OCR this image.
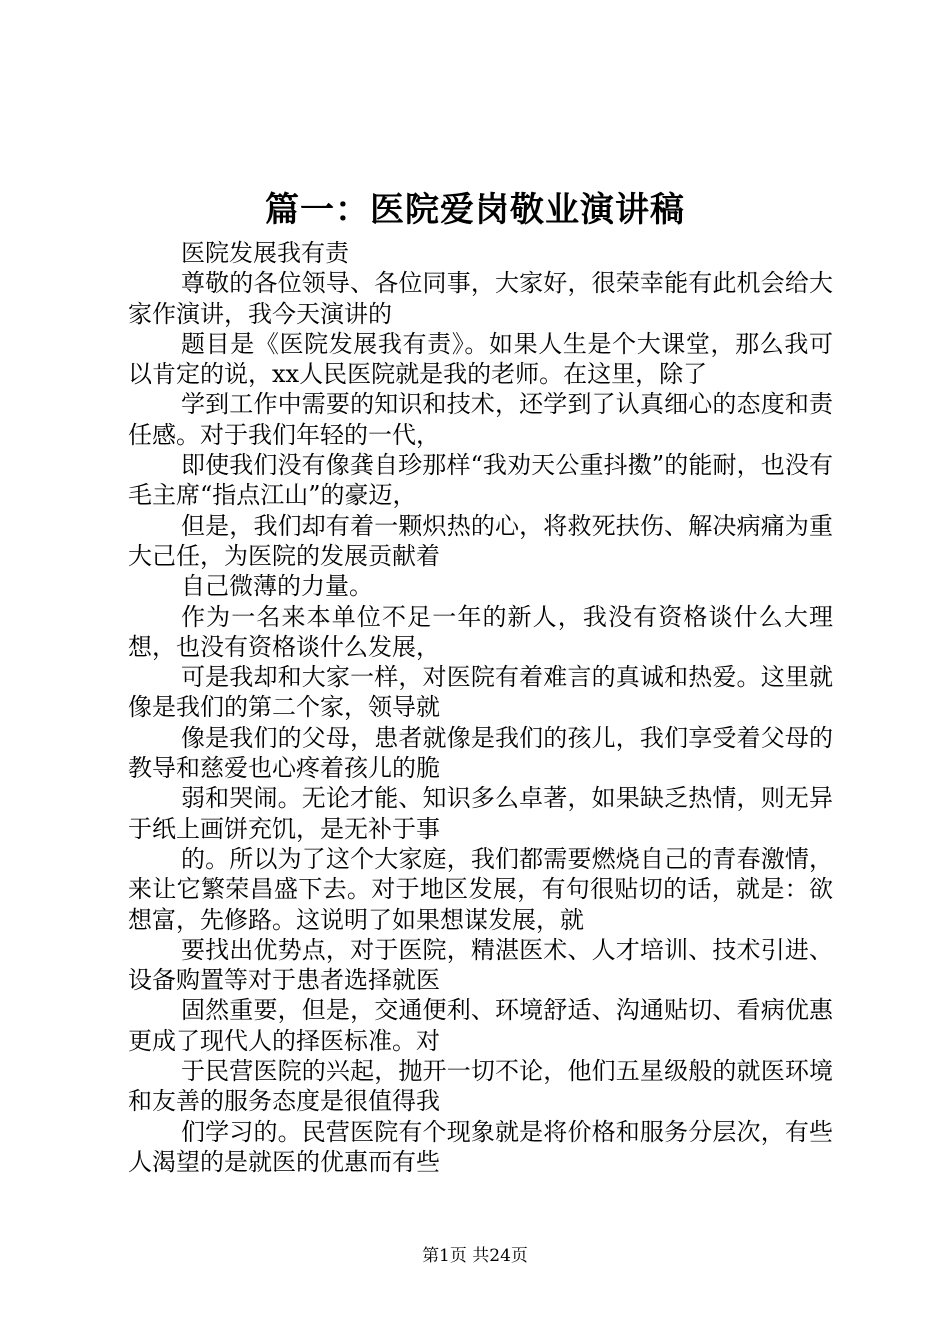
篇一：医院爱岗敬业演讲稿

医院发展我有责

尊敬的各位领导、各位同事，大家好，很荣幸能有此机会给大家作演讲，我今天演讲的

题目是《医院发展我有责》。如果人生是个大课堂，那么我可以肯定的说，xx人民医院就是我的老师。在这里，除了

学到工作中需要的知识和技术，还学到了认真细心的态度和责任感。对于我们年轻的一代，

即使我们没有像龚自珍那样“我劝天公重抖擞”的能耐，也没有毛主席“指点江山”的豪迈，

但是，我们却有着一颗炽热的心，将救死扶伤、解决病痛为重大己任，为医院的发展贡献着

自己微薄的力量。

作为一名来本单位不足一年的新人，我没有资格谈什么大理想，也没有资格谈什么发展，

可是我却和大家一样，对医院有着难言的真诚和热爱。这里就像是我们的第二个家，领导就

像是我们的父母，患者就像是我们的孩儿，我们享受着父母的教导和慈爱也心疼着孩儿的脆

弱和哭闹。无论才能、知识多么卓著，如果缺乏热情，则无异于纸上画饼充饥，是无补于事

的。所以为了这个大家庭，我们都需要燃烧自己的青春激情，来让它繁荣昌盛下去。对于地区发展，有句很贴切的话，就是：欲想富，先修路。这说明了如果想谋发展，就

要找出优势点，对于医院，精湛医术、人才培训、技术引进、设备购置等对于患者选择就医

固然重要，但是，交通便利、环境舒适、沟通贴切、看病优惠更成了现代人的择医标准。对

于民营医院的兴起，抛开一切不论，他们五星级般的就医环境和友善的服务态度是很值得我

们学习的。民营医院有个现象就是将价格和服务分层次，有些人渴望的是就医的优惠而有些

第1页 共24页
